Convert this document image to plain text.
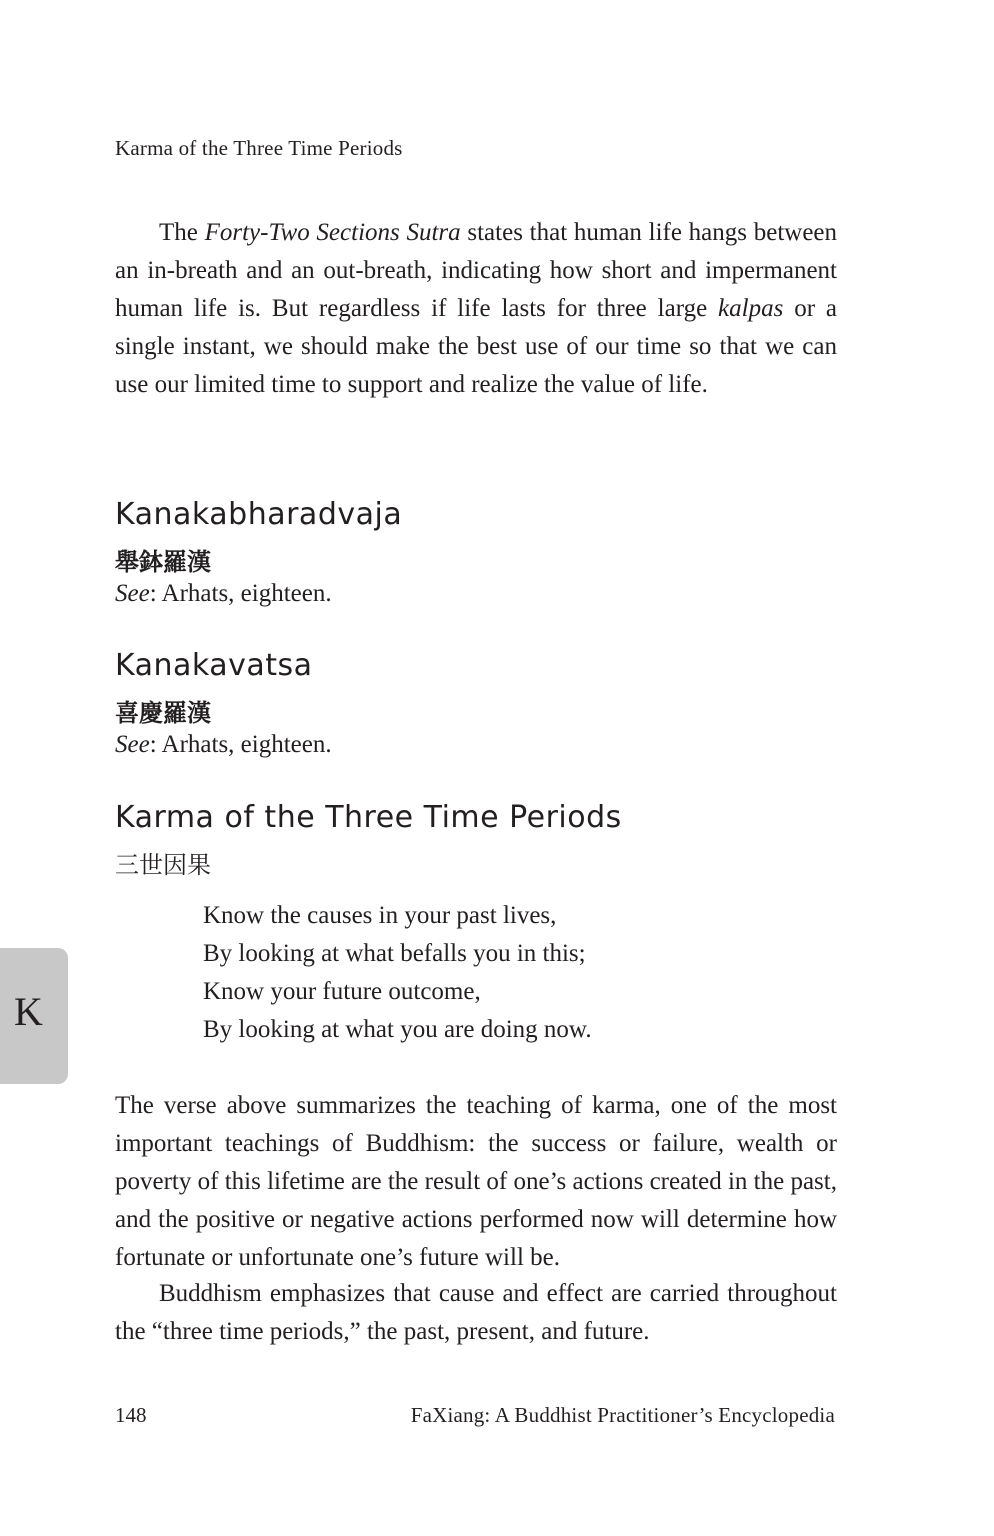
Karma of the Three Time Periods

The Forty-Two Sections Sutra states that human life hangs between an in-breath and an out-breath, indicating how short and impermanent human life is. But regardless if life lasts for three large kalpas or a single instant, we should make the best use of our time so that we can use our limited time to support and realize the value of life.

Kanakabharadvaja
舉鉢羅漢

See: Arhats, eighteen.

Kanakavatsa
喜慶羅漢

See: Arhats, eighteen.

Karma of the Three Time Periods
三世因果
Know the causes in your past lives,
By looking at what befalls you in this;
Know your future outcome,
By looking at what you are doing now.

The verse above summarizes the teaching of karma, one of the most important teachings of Buddhism: the success or failure, wealth or poverty of this lifetime are the result of one’s actions created in the past, and the positive or negative actions performed now will determine how fortunate or unfortunate one’s future will be.

Buddhism emphasizes that cause and effect are carried throughout the “three time periods,” the past, present, and future.

K
148	FaXiang: A Buddhist Practitioner’s Encyclopedia
